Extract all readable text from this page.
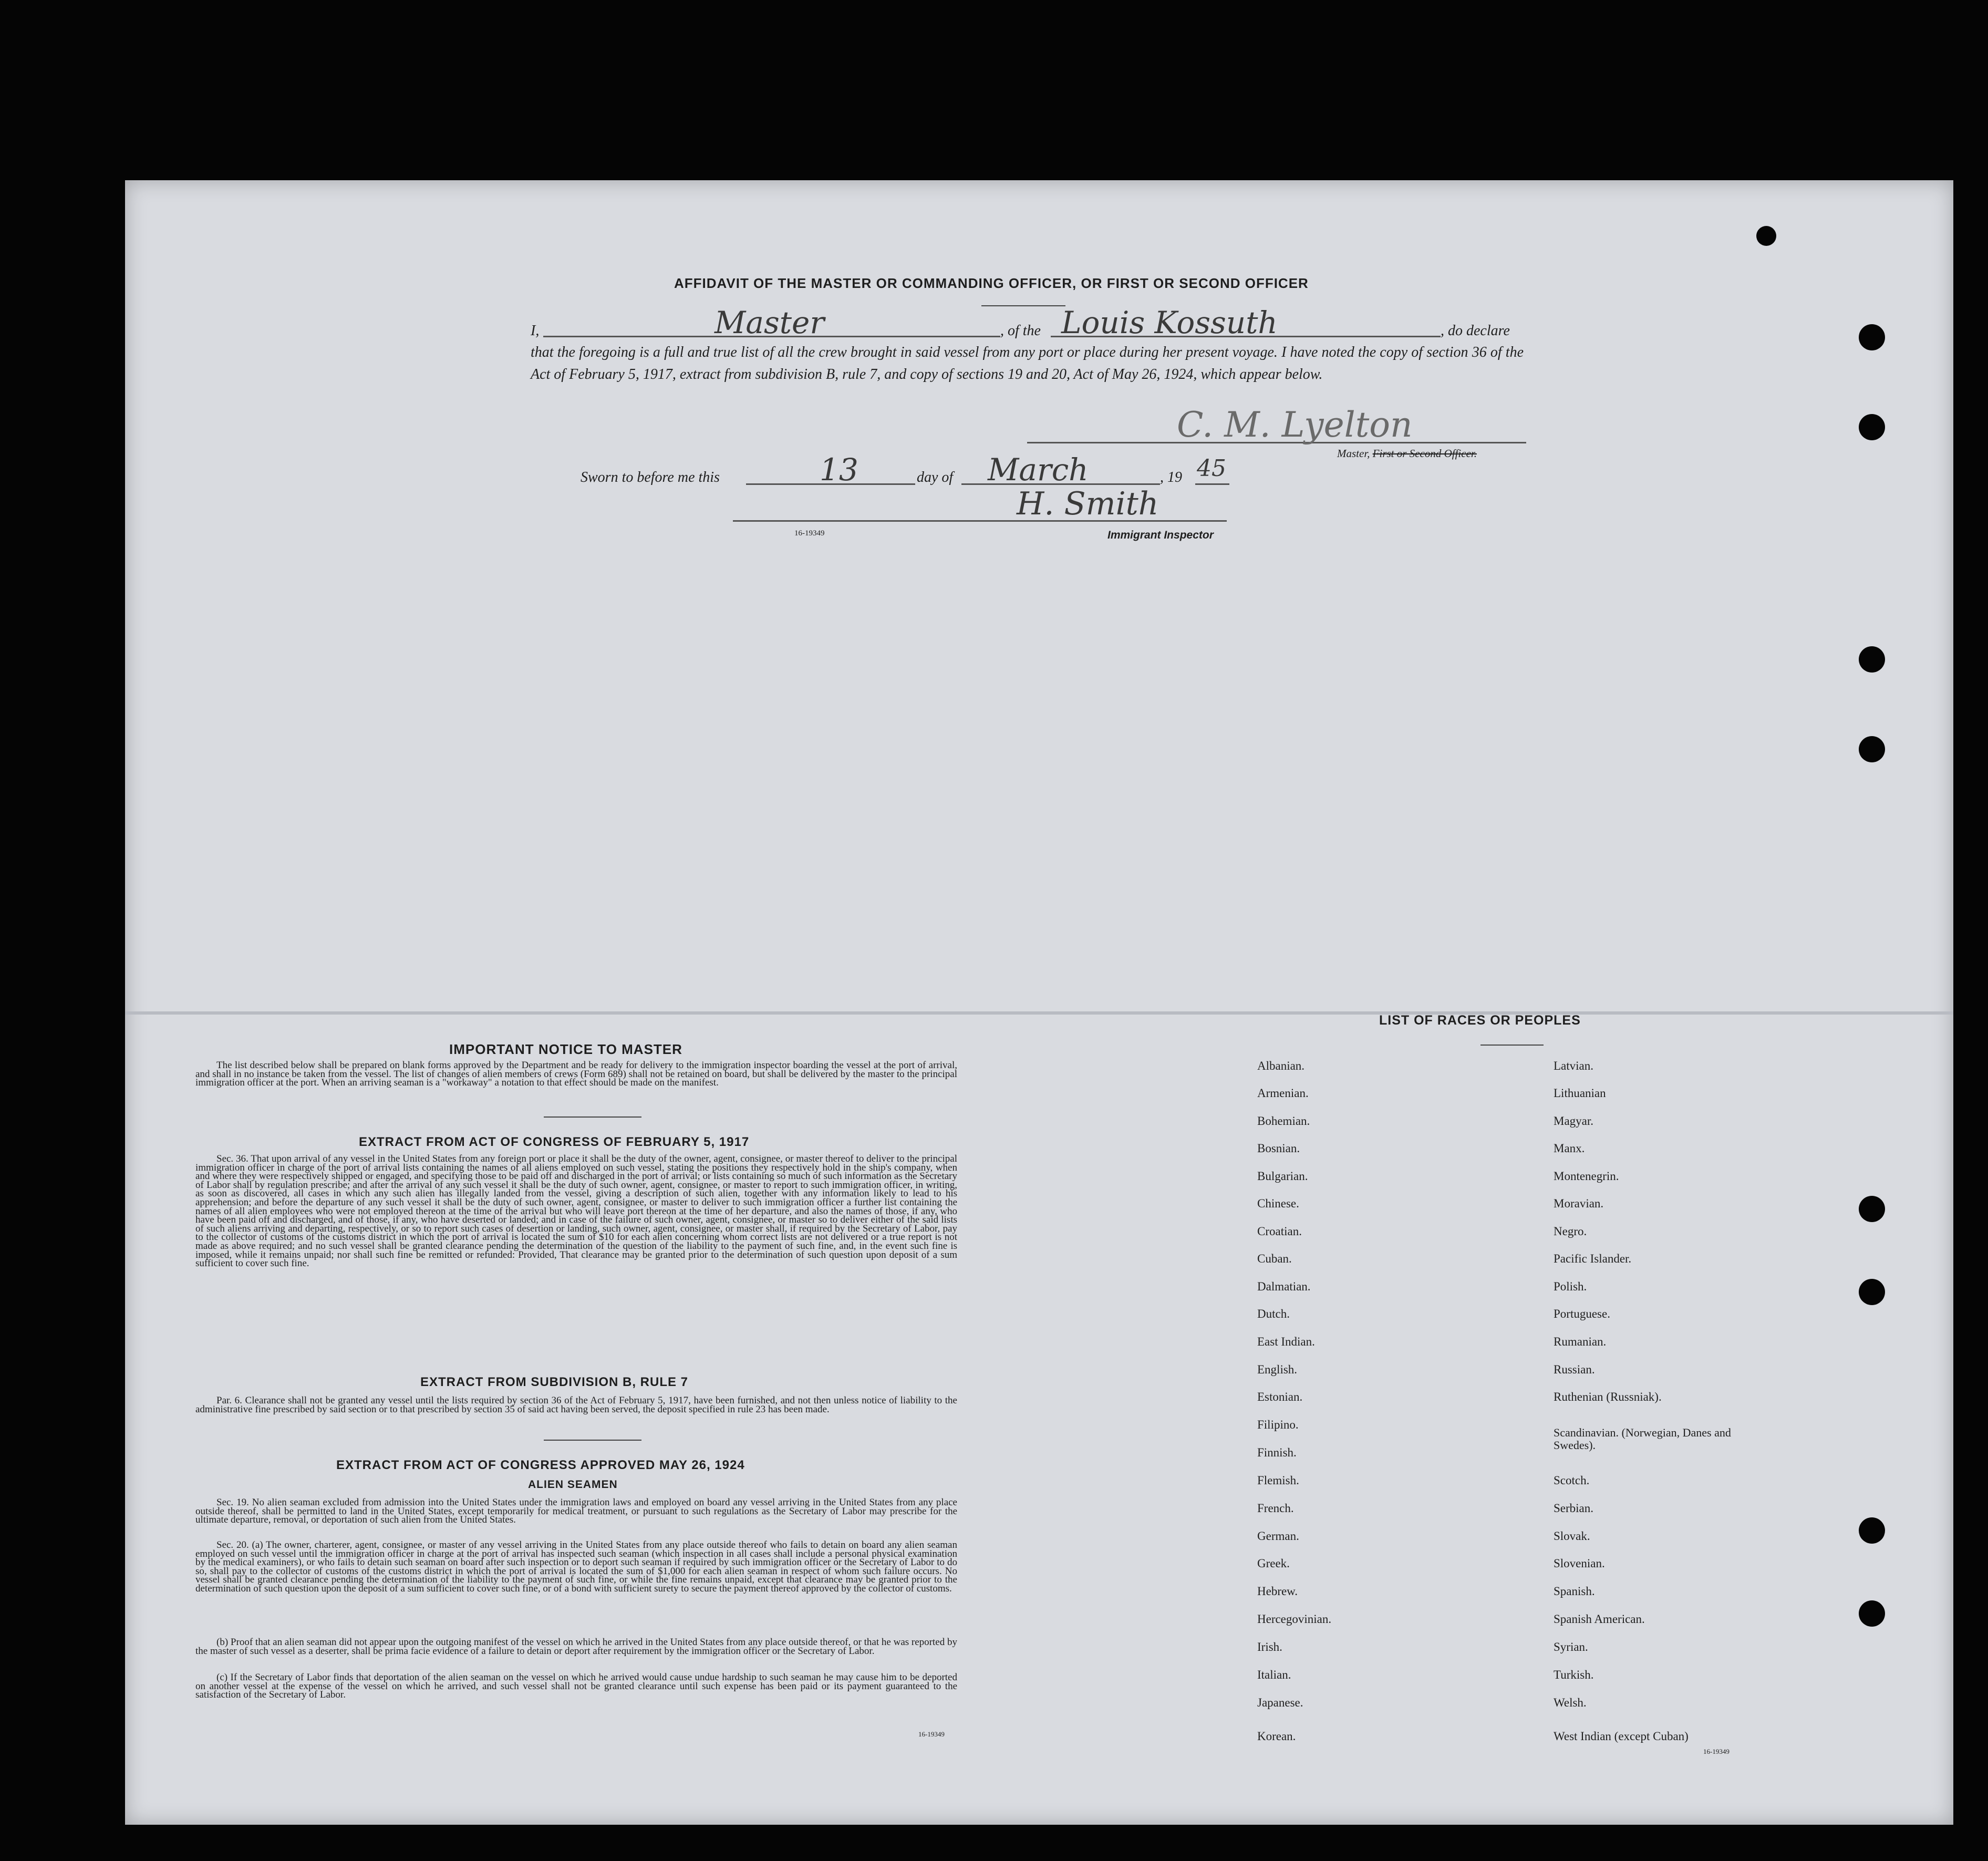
AFFIDAVIT OF THE MASTER OR COMMANDING OFFICER, OR FIRST OR SECOND OFFICER
I,	Master	, of the Louis Kossuth	, do declare
that the foregoing is a full and true list of all the crew brought in said vessel from any port or place during her present voyage. I have noted the copy of section 36 of the Act of February 5, 1917, extract from subdivision B, rule 7, and copy of sections 19 and 20, Act of May 26, 1924, which appear below.
C. M. Lyelton
Master, First or Second Officer.
Sworn to before me this	13	day of March	, 19 45
H. Smith
16-19349	Immigrant Inspector
IMPORTANT NOTICE TO MASTER
The list described below shall be prepared on blank forms approved by the Department and be ready for delivery to the immigration inspector boarding the vessel at the port of arrival, and shall in no instance be taken from the vessel. The list of changes of alien members of crews (Form 689) shall not be retained on board, but shall be delivered by the master to the principal immigration officer at the port. When an arriving seaman is a "workaway" a notation to that effect should be made on the manifest.
EXTRACT FROM ACT OF CONGRESS OF FEBRUARY 5, 1917
Sec. 36. That upon arrival of any vessel in the United States from any foreign port or place it shall be the duty of the owner, agent, consignee, or master thereof to deliver to the principal immigration officer in charge of the port of arrival lists containing the names of all aliens employed on such vessel, stating the positions they respectively hold in the ship's company, when and where they were respectively shipped or engaged, and specifying those to be paid off and discharged in the port of arrival; or lists containing so much of such information as the Secretary of Labor shall by regulation prescribe; and after the arrival of any such vessel it shall be the duty of such owner, agent, consignee, or master to report to such immigration officer, in writing, as soon as discovered, all cases in which any such alien has illegally landed from the vessel, giving a description of such alien, together with any information likely to lead to his apprehension; and before the departure of any such vessel it shall be the duty of such owner, agent, consignee, or master to deliver to such immigration officer a further list containing the names of all alien employees who were not employed thereon at the time of the arrival but who will leave port thereon at the time of her departure, and also the names of those, if any, who have been paid off and discharged, and of those, if any, who have deserted or landed; and in case of the failure of such owner, agent, consignee, or master so to deliver either of the said lists of such aliens arriving and departing, respectively, or so to report such cases of desertion or landing, such owner, agent, consignee, or master shall, if required by the Secretary of Labor, pay to the collector of customs of the customs district in which the port of arrival is located the sum of $10 for each alien concerning whom correct lists are not delivered or a true report is not made as above required; and no such vessel shall be granted clearance pending the determination of the question of the liability to the payment of such fine, and, in the event such fine is imposed, while it remains unpaid; nor shall such fine be remitted or refunded: Provided, That clearance may be granted prior to the determination of such question upon deposit of a sum sufficient to cover such fine.
EXTRACT FROM SUBDIVISION B, RULE 7
Par. 6. Clearance shall not be granted any vessel until the lists required by section 36 of the Act of February 5, 1917, have been furnished, and not then unless notice of liability to the administrative fine prescribed by said section or to that prescribed by section 35 of said act having been served, the deposit specified in rule 23 has been made.
EXTRACT FROM ACT OF CONGRESS APPROVED MAY 26, 1924
ALIEN SEAMEN
Sec. 19. No alien seaman excluded from admission into the United States under the immigration laws and employed on board any vessel arriving in the United States from any place outside thereof, shall be permitted to land in the United States, except temporarily for medical treatment, or pursuant to such regulations as the Secretary of Labor may prescribe for the ultimate departure, removal, or deportation of such alien from the United States.
Sec. 20. (a) The owner, charterer, agent, consignee, or master of any vessel arriving in the United States from any place outside thereof who fails to detain on board any alien seaman employed on such vessel until the immigration officer in charge at the port of arrival has inspected such seaman (which inspection in all cases shall include a personal physical examination by the medical examiners), or who fails to detain such seaman on board after such inspection or to deport such seaman if required by such immigration officer or the Secretary of Labor to do so, shall pay to the collector of customs of the customs district in which the port of arrival is located the sum of $1,000 for each alien seaman in respect of whom such failure occurs. No vessel shall be granted clearance pending the determination of the liability to the payment of such fine, or while the fine remains unpaid, except that clearance may be granted prior to the determination of such question upon the deposit of a sum sufficient to cover such fine, or of a bond with sufficient surety to secure the payment thereof approved by the collector of customs.
(b) Proof that an alien seaman did not appear upon the outgoing manifest of the vessel on which he arrived in the United States from any place outside thereof, or that he was reported by the master of such vessel as a deserter, shall be prima facie evidence of a failure to detain or deport after requirement by the immigration officer or the Secretary of Labor.
(c) If the Secretary of Labor finds that deportation of the alien seaman on the vessel on which he arrived would cause undue hardship to such seaman he may cause him to be deported on another vessel at the expense of the vessel on which he arrived, and such vessel shall not be granted clearance until such expense has been paid or its payment guaranteed to the satisfaction of the Secretary of Labor.
16-19349
LIST OF RACES OR PEOPLES
Albanian.
Armenian.
Bohemian.
Bosnian.
Bulgarian.
Chinese.
Croatian.
Cuban.
Dalmatian.
Dutch.
East Indian.
English.
Estonian.
Filipino.
Finnish.
Flemish.
French.
German.
Greek.
Hebrew.
Hercegovinian.
Irish.
Italian.
Japanese.
Korean.
Latvian.
Lithuanian
Magyar.
Manx.
Montenegrin.
Moravian.
Negro.
Pacific Islander.
Polish.
Portuguese.
Rumanian.
Russian.
Ruthenian (Russniak).
Scandinavian. (Norwegian, Danes and Swedes).
Scotch.
Serbian.
Slovak.
Slovenian.
Spanish.
Spanish American.
Syrian.
Turkish.
Welsh.
West Indian (except Cuban)
16-19349
